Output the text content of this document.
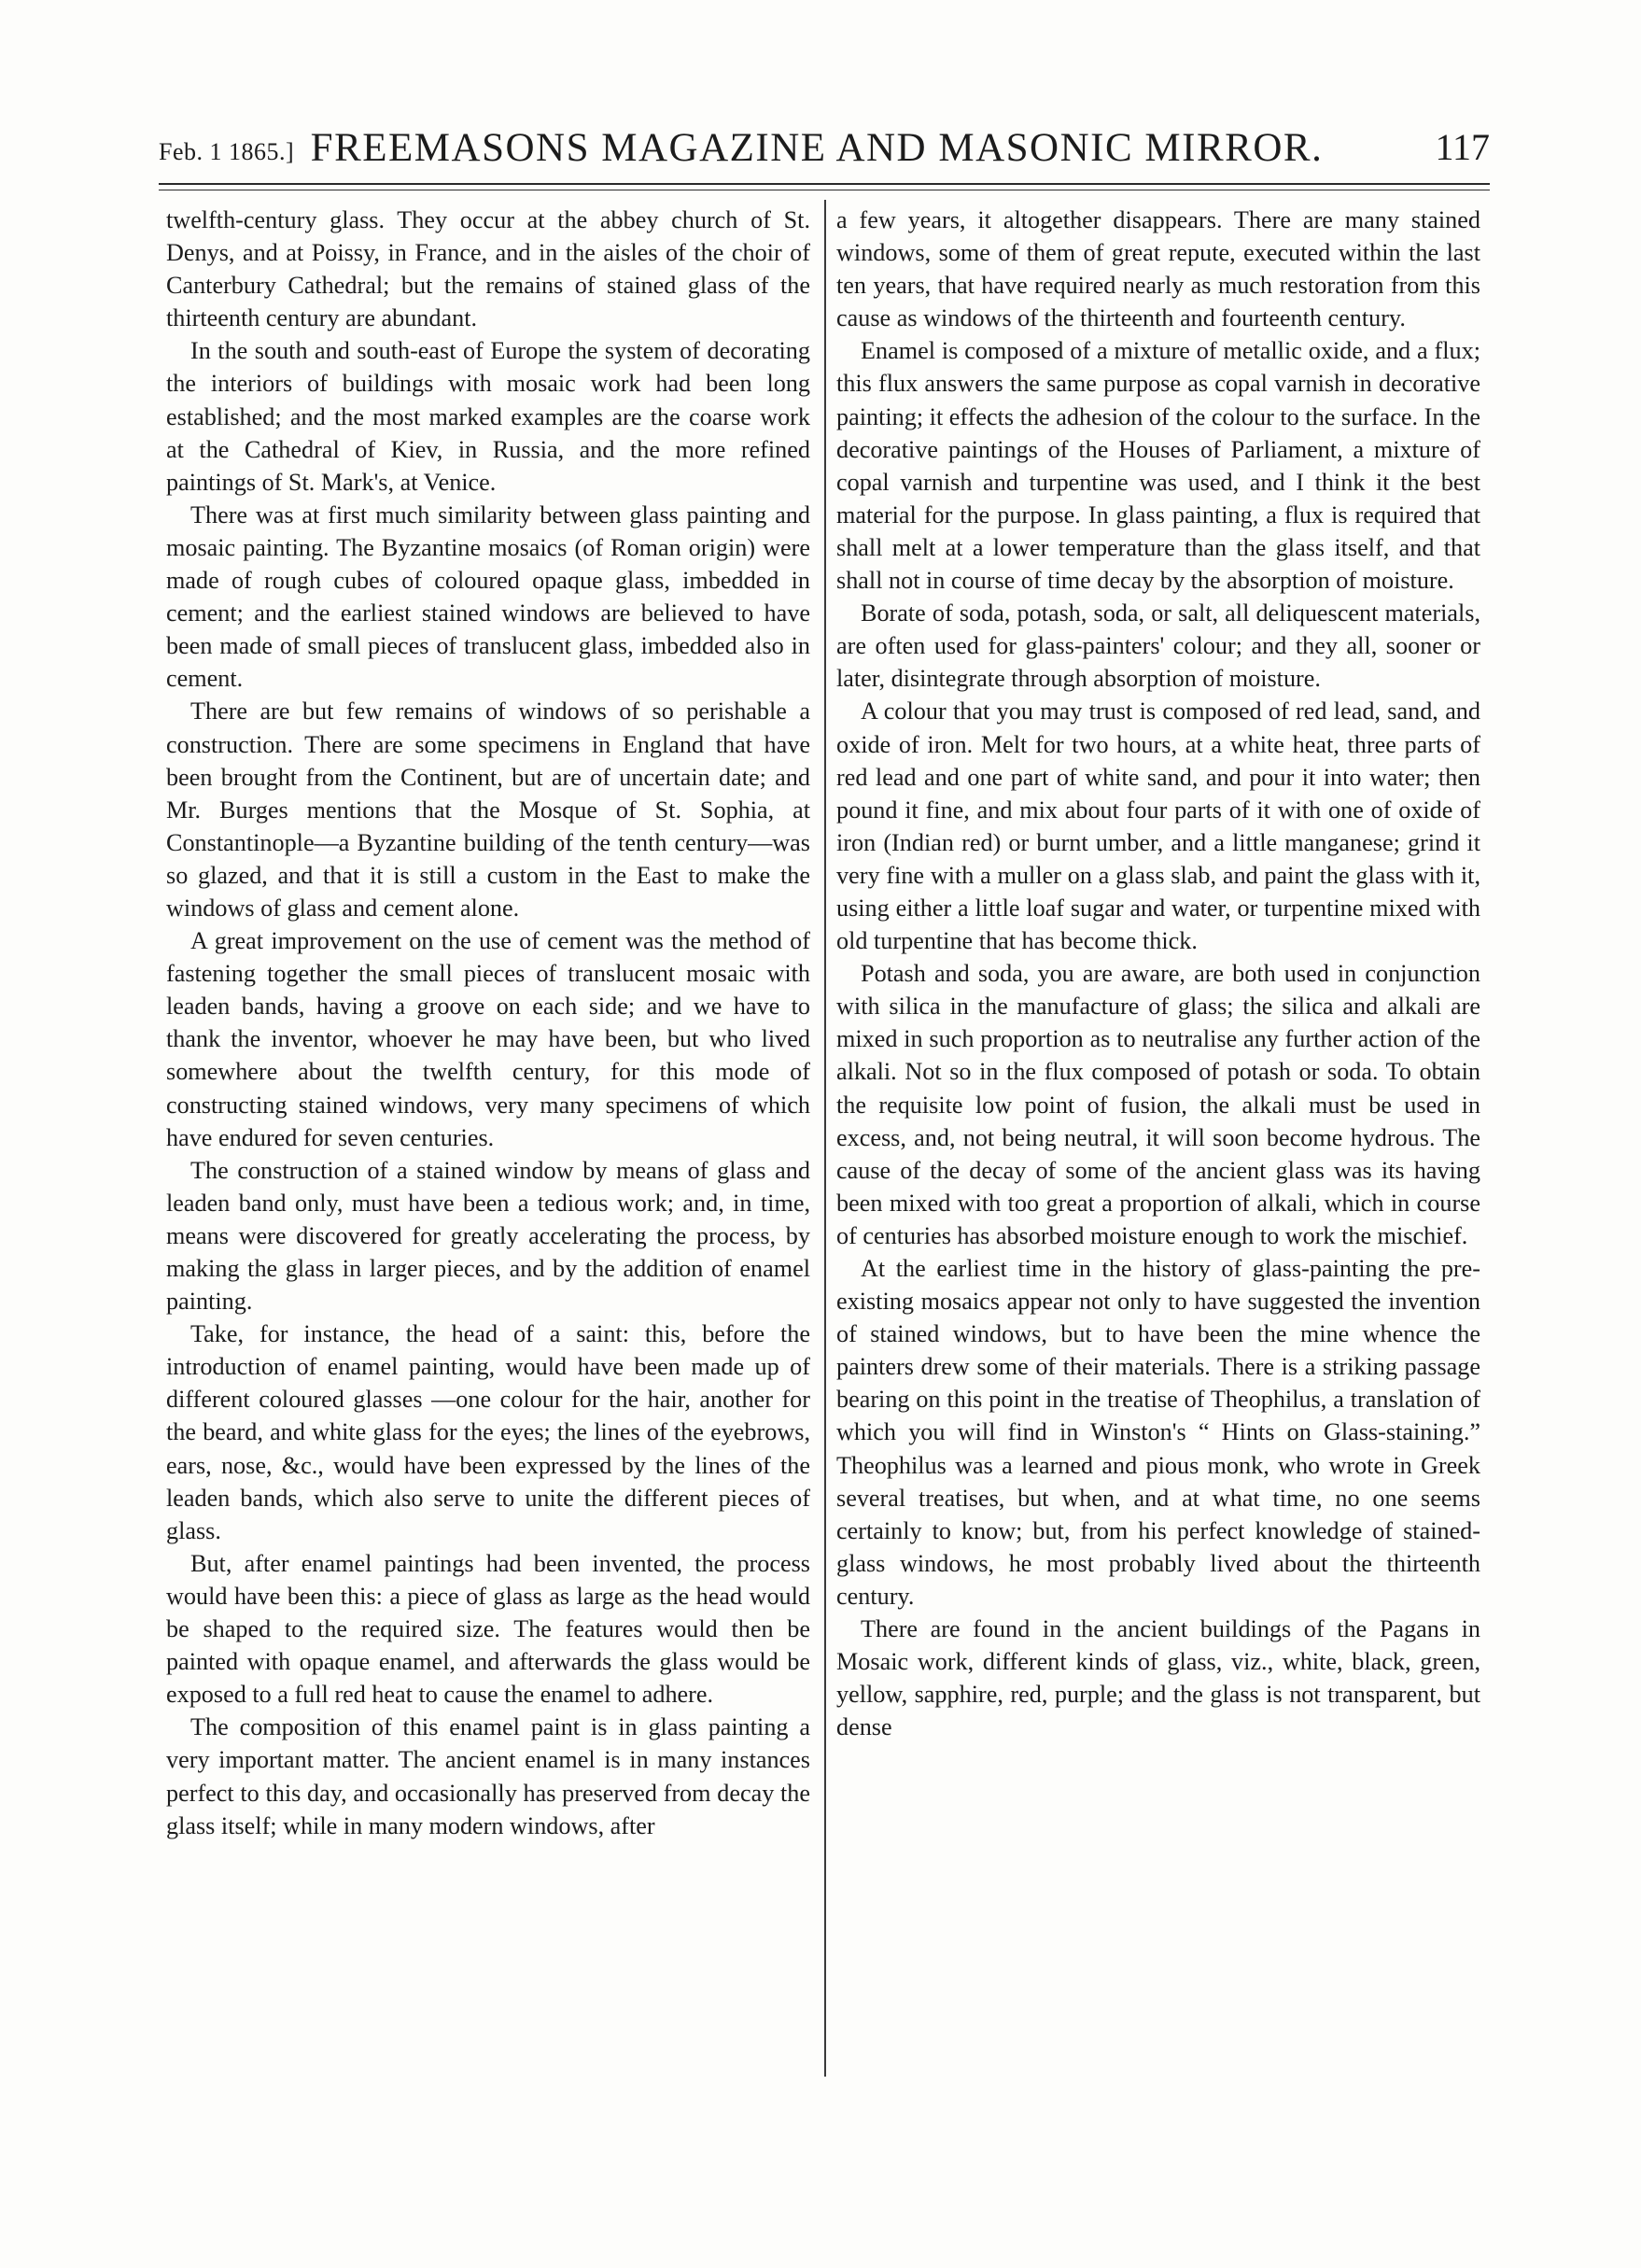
Feb. 1 1865.] FREEMASONS MAGAZINE AND MASONIC MIRROR.	117

twelfth-century glass. They occur at the abbey church of St. Denys, and at Poissy, in France, and in the aisles of the choir of Canterbury Cathedral; but the remains of stained glass of the thirteenth century are abundant.

In the south and south-east of Europe the system of decorating the interiors of buildings with mosaic work had been long established; and the most marked examples are the coarse work at the Cathedral of Kiev, in Russia, and the more refined paintings of St. Mark's, at Venice.

There was at first much similarity between glass painting and mosaic painting. The Byzantine mosaics (of Roman origin) were made of rough cubes of coloured opaque glass, imbedded in cement; and the earliest stained windows are believed to have been made of small pieces of translucent glass, imbedded also in cement.

There are but few remains of windows of so perishable a construction. There are some specimens in England that have been brought from the Continent, but are of uncertain date; and Mr. Burges mentions that the Mosque of St. Sophia, at Constantinople—a Byzantine building of the tenth century—was so glazed, and that it is still a custom in the East to make the windows of glass and cement alone.

A great improvement on the use of cement was the method of fastening together the small pieces of translucent mosaic with leaden bands, having a groove on each side; and we have to thank the inventor, whoever he may have been, but who lived somewhere about the twelfth century, for this mode of constructing stained windows, very many specimens of which have endured for seven centuries.

The construction of a stained window by means of glass and leaden band only, must have been a tedious work; and, in time, means were discovered for greatly accelerating the process, by making the glass in larger pieces, and by the addition of enamel painting.

Take, for instance, the head of a saint: this, before the introduction of enamel painting, would have been made up of different coloured glasses —one colour for the hair, another for the beard, and white glass for the eyes; the lines of the eyebrows, ears, nose, &c., would have been expressed by the lines of the leaden bands, which also serve to unite the different pieces of glass.

But, after enamel paintings had been invented, the process would have been this: a piece of glass as large as the head would be shaped to the required size. The features would then be painted with opaque enamel, and afterwards the glass would be exposed to a full red heat to cause the enamel to adhere.

The composition of this enamel paint is in glass painting a very important matter. The ancient enamel is in many instances perfect to this day, and occasionally has preserved from decay the glass itself; while in many modern windows, after

a few years, it altogether disappears. There are many stained windows, some of them of great repute, executed within the last ten years, that have required nearly as much restoration from this cause as windows of the thirteenth and fourteenth century.

Enamel is composed of a mixture of metallic oxide, and a flux; this flux answers the same purpose as copal varnish in decorative painting; it effects the adhesion of the colour to the surface. In the decorative paintings of the Houses of Parliament, a mixture of copal varnish and turpentine was used, and I think it the best material for the purpose. In glass painting, a flux is required that shall melt at a lower temperature than the glass itself, and that shall not in course of time decay by the absorption of moisture.

Borate of soda, potash, soda, or salt, all deliquescent materials, are often used for glass-painters' colour; and they all, sooner or later, disintegrate through absorption of moisture.

A colour that you may trust is composed of red lead, sand, and oxide of iron. Melt for two hours, at a white heat, three parts of red lead and one part of white sand, and pour it into water; then pound it fine, and mix about four parts of it with one of oxide of iron (Indian red) or burnt umber, and a little manganese; grind it very fine with a muller on a glass slab, and paint the glass with it, using either a little loaf sugar and water, or turpentine mixed with old turpentine that has become thick.

Potash and soda, you are aware, are both used in conjunction with silica in the manufacture of glass; the silica and alkali are mixed in such proportion as to neutralise any further action of the alkali. Not so in the flux composed of potash or soda. To obtain the requisite low point of fusion, the alkali must be used in excess, and, not being neutral, it will soon become hydrous. The cause of the decay of some of the ancient glass was its having been mixed with too great a proportion of alkali, which in course of centuries has absorbed moisture enough to work the mischief.

At the earliest time in the history of glass-painting the pre-existing mosaics appear not only to have suggested the invention of stained windows, but to have been the mine whence the painters drew some of their materials. There is a striking passage bearing on this point in the treatise of Theophilus, a translation of which you will find in Winston's “ Hints on Glass-staining.” Theophilus was a learned and pious monk, who wrote in Greek several treatises, but when, and at what time, no one seems certainly to know; but, from his perfect knowledge of stained-glass windows, he most probably lived about the thirteenth century.

There are found in the ancient buildings of the Pagans in Mosaic work, different kinds of glass, viz., white, black, green, yellow, sapphire, red, purple; and the glass is not transparent, but dense
